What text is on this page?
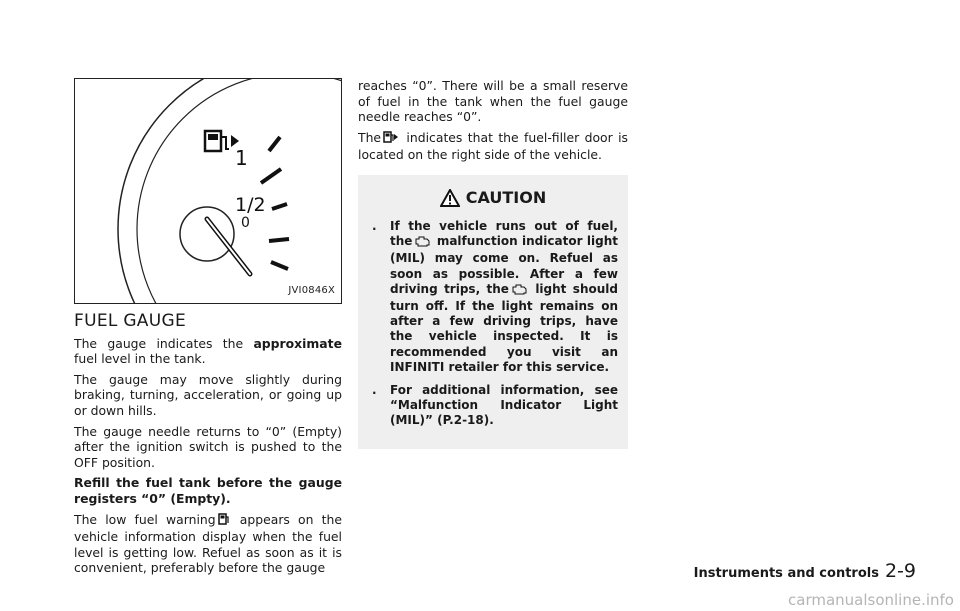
1
1/2
0
JVI0846X
FUEL GAUGE

The gauge indicates the approximate fuel level in the tank.

The gauge may move slightly during braking, turning, acceleration, or going up or down hills.

The gauge needle returns to “0” (Empty) after the ignition switch is pushed to the OFF position.

Refill the fuel tank before the gauge registers “0” (Empty).

The low fuel warning appears on the vehicle information display when the fuel level is getting low. Refuel as soon as it is convenient, preferably before the gauge

reaches “0”. There will be a small reserve of fuel in the tank when the fuel gauge needle reaches “0”.

The indicates that the fuel-filler door is located on the right side of the vehicle.

CAUTION
. If the vehicle runs out of fuel, the malfunction indicator light (MIL) may come on. Refuel as soon as possible. After a few driving trips, the light should turn off. If the light remains on after a few driving trips, have the vehicle inspected. It is recommended you visit an INFINITI retailer for this service.
. For additional information, see “Malfunction Indicator Light (MIL)” (P.2-18).
Instruments and controls 2-9
carmanualsonline.info
